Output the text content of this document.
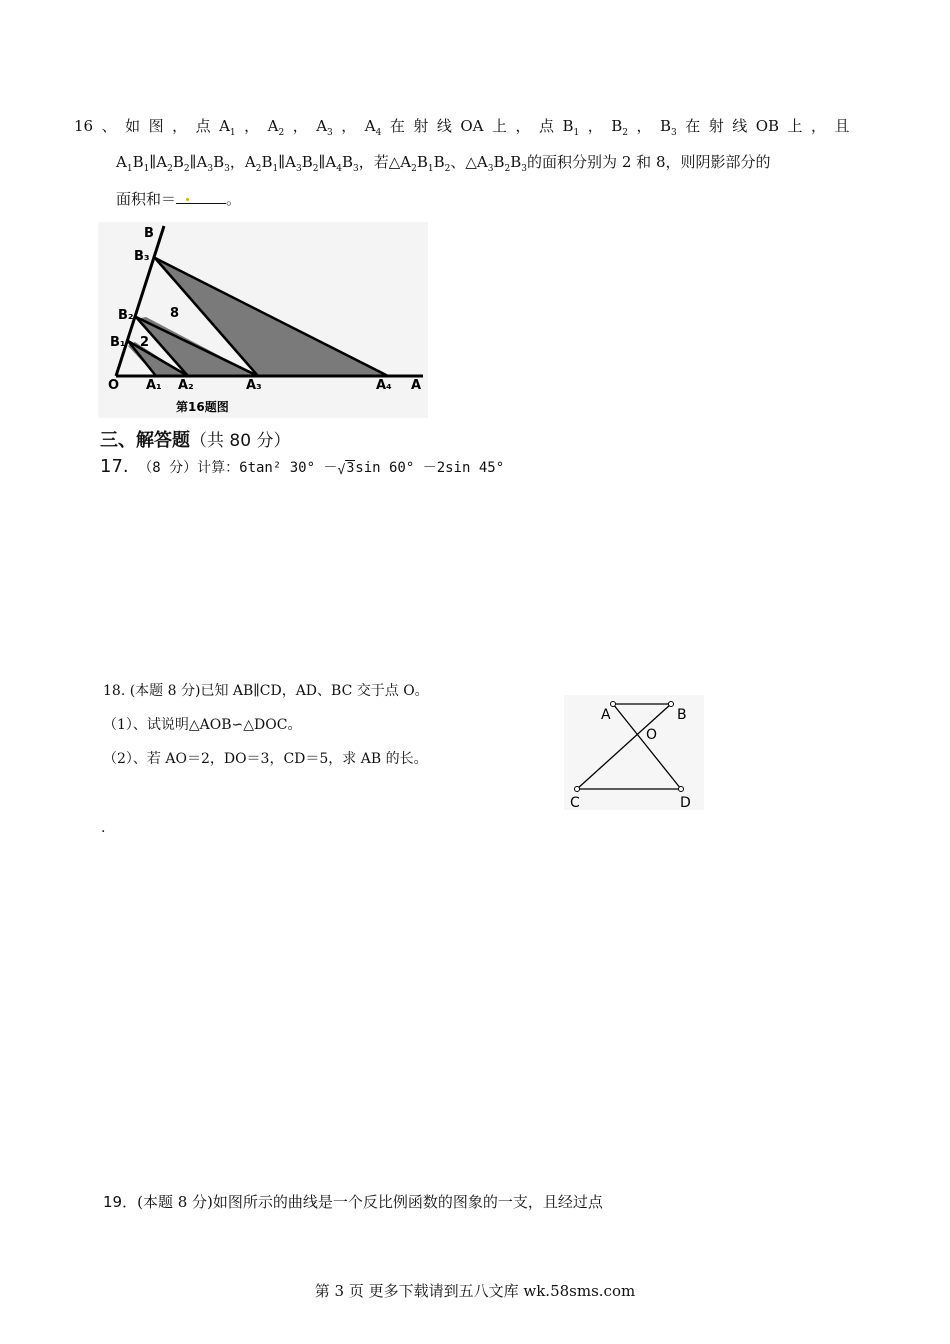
16 、 如 图 ， 点 $A_1$ ， $A_2$ ， $A_3$ ， $A_4$ 在 射 线 OA 上 ， 点 $B_1$ ， $B_2$ ， $B_3$ 在 射 线 OB 上 ， 且
$A_1B_1\parallel A_2B_2\parallel A_3B_3$，$A_2B_1\parallel A_3B_2\parallel A_4B_3$，若$\triangle A_2B_1B_2$、$\triangle A_3B_2B_3$的面积分别为 2 和 8，则阴影部分的
面积和＝	。
B
B₃
B₂
B₁ 2
8
O A₁ A₂	A₃	A₄ A
第16题图
三、解答题（共 80 分）
17. （8 分）计算：6tan² 30° － √ 3sin 60° －2sin 45°
18. (本题 8 分)已知 AB∥CD，AD、BC 交于点 O。
（1）、试说明△AOB∽△DOC。
（2）、若 AO＝2，DO＝3，CD＝5，求 AB 的长。
.
A	B
O
C	D
19．(本题 8 分)如图所示的曲线是一个反比例函数的图象的一支，且经过点
第 3 页 更多下载请到五八文库 wk.58sms.com
